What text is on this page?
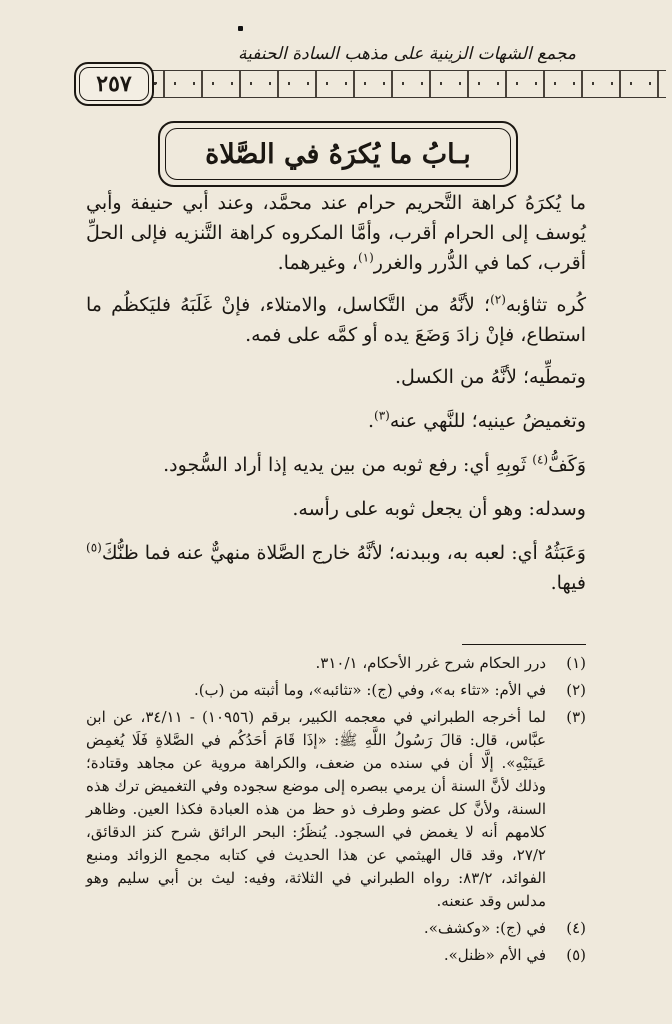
مجمع الشهات الزينية على مذهب السادة الحنفية
٢٥٧
بـابُ ما يُكرَهُ في الصَّلاة

ما يُكرَهُ كراهة التَّحريم حرام عند محمَّد، وعند أبي حنيفة وأبي يُوسف إلى الحرام أقرب، وأمَّا المكروه كراهة التَّنزيه فإلى الحلِّ أقرب، كما في الدُّرر والغرر$^{(١)}$، وغيرهما.

كُره تثاؤبه$^{(٢)}$؛ لأنَّهُ من التَّكاسل، والامتلاء، فإنْ غَلَبَهُ فليَكظُم ما استطاع، فإنْ زادَ وَضَعَ يده أو كمَّه على فمه.

وتمطِّيه؛ لأنَّهُ من الكسل.

وتغميضُ عينيه؛ للنَّهي عنه$^{(٣)}$.

وَكَفُّ$^{(٤)}$ ثَوبِهِ أي: رفع ثوبه من بين يديه إذا أراد السُّجود.

وسدله: وهو أن يجعل ثوبه على رأسه.

وَعَبَثُهُ أي: لعبه به، وببدنه؛ لأنَّهُ خارج الصَّلاة منهيٌّ عنه فما ظنُّكَ$^{(٥)}$ فيها.

(١)
درر الحكام شرح غرر الأحكام، ٣١٠/١.
(٢)
في الأم: «تثاء به»، وفي (ج): «تثائبه»، وما أثبته من (ب).
(٣)
لما أخرجه الطبراني في معجمه الكبير، برقم (١٠٩٥٦) - ٣٤/١١، عن ابن عبَّاس، قال: قالَ رَسُولُ اللَّهِ ﷺ: «إذَا قَامَ أحَدُكُم في الصَّلاةِ فَلَا يُغمِض عَينَيْهِ». إلَّا أن في سنده من ضعف، والكراهة مروية عن مجاهد وقتادة؛ وذلك لأنَّ السنة أن يرمي ببصره إلى موضع سجوده وفي التغميض ترك هذه السنة، ولأنَّ كل عضو وطرف ذو حظ من هذه العبادة فكذا العين. وظاهر كلامهم أنه لا يغمض في السجود. يُنظَرُ: البحر الرائق شرح كنز الدقائق، ٢٧/٢، وقد قال الهيثمي عن هذا الحديث في كتابه مجمع الزوائد ومنبع الفوائد، ٨٣/٢: رواه الطبراني في الثلاثة، وفيه: ليث بن أبي سليم وهو مدلس وقد عنعنه.
(٤)
في (ج): «وكشف».
(٥)
في الأم «ظنل».
